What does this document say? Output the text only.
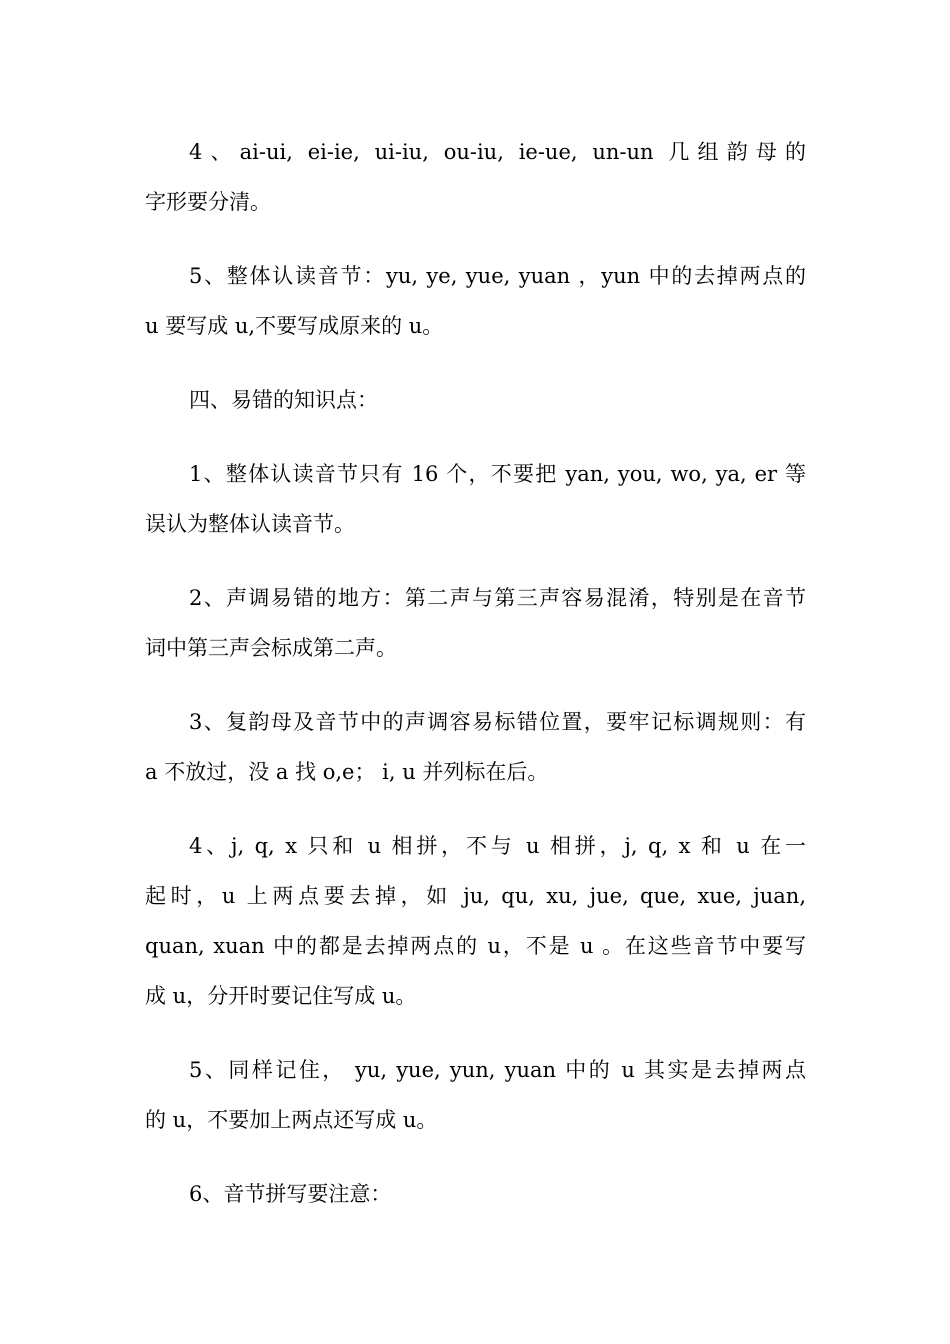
4、ai-ui, ei-ie, ui-iu, ou-iu, ie-ue, un-un 几组韵母的
字形要分清。
5、整体认读音节：yu, ye, yue, yuan ，yun 中的去掉两点的
u 要写成 u,不要写成原来的 u。
四、易错的知识点：
1、整体认读音节只有 16 个，不要把 yan, you, wo, ya, er 等
误认为整体认读音节。
2、声调易错的地方：第二声与第三声容易混淆，特别是在音节
词中第三声会标成第二声。
3、复韵母及音节中的声调容易标错位置，要牢记标调规则：有
a 不放过，没 a 找 o,e； i, u 并列标在后。
4、j, q, x 只和 u 相拼，不与 u 相拼，j, q, x 和 u 在一
起时，u 上两点要去掉，如 ju, qu, xu, jue, que, xue, juan,
quan, xuan 中的都是去掉两点的 u，不是 u 。在这些音节中要写
成 u，分开时要记住写成 u。
5、同样记住， yu, yue, yun, yuan 中的 u 其实是去掉两点
的 u，不要加上两点还写成 u。
6、音节拼写要注意：
